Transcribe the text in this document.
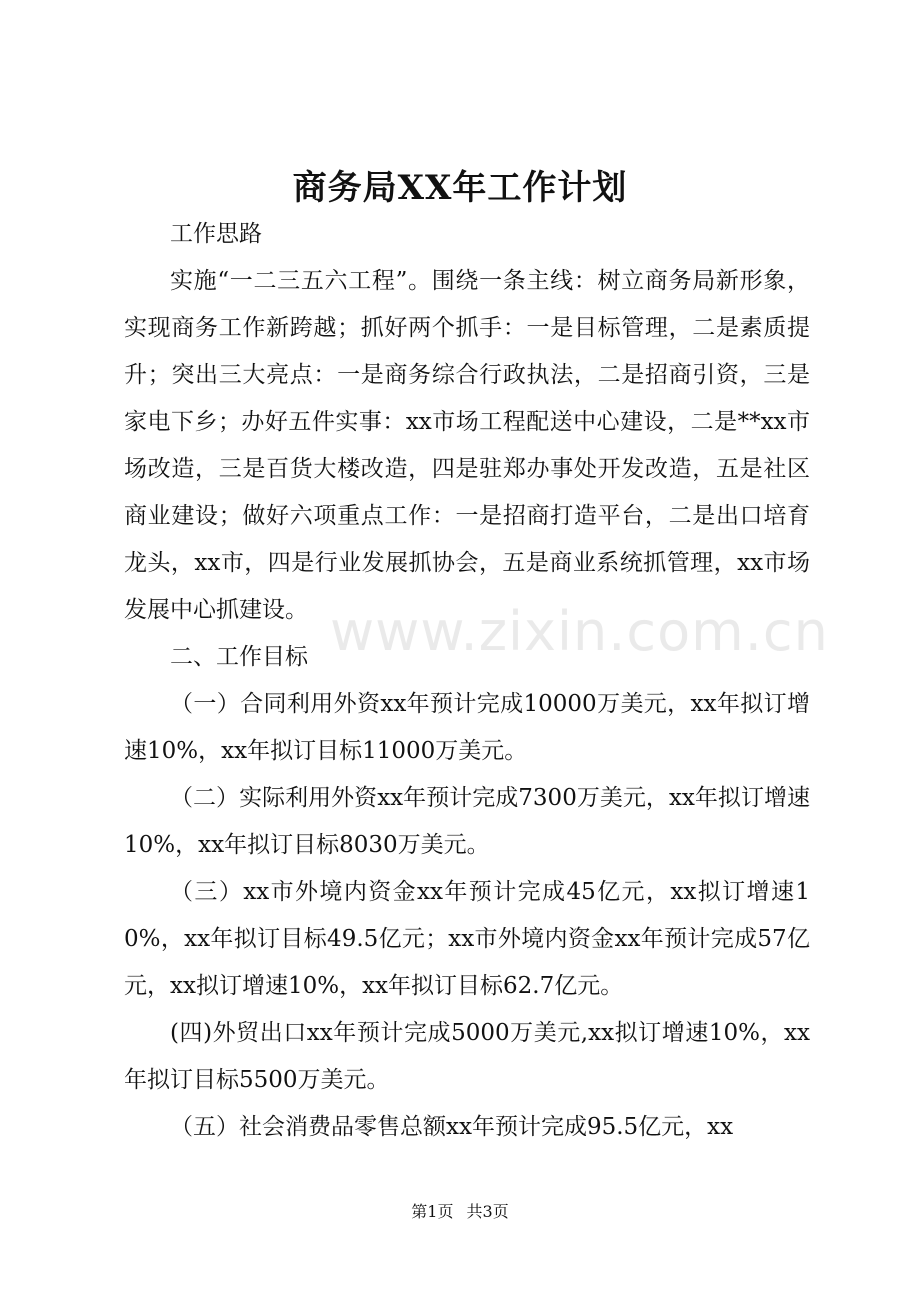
商务局XX年工作计划

工作思路

实施“一二三五六工程”。围绕一条主线：树立商务局新形象，实现商务工作新跨越；抓好两个抓手：一是目标管理，二是素质提升；突出三大亮点：一是商务综合行政执法，二是招商引资，三是家电下乡；办好五件实事：xx市场工程配送中心建设，二是**xx市场改造，三是百货大楼改造，四是驻郑办事处开发改造，五是社区商业建设；做好六项重点工作：一是招商打造平台，二是出口培育龙头，xx市，四是行业发展抓协会，五是商业系统抓管理，xx市场发展中心抓建设。

二、工作目标

（一）合同利用外资xx年预计完成10000万美元，xx年拟订增速10%，xx年拟订目标11000万美元。

（二）实际利用外资xx年预计完成7300万美元，xx年拟订增速10%，xx年拟订目标8030万美元。

（三）xx市外境内资金xx年预计完成45亿元，xx拟订增速10%，xx年拟订目标49.5亿元；xx市外境内资金xx年预计完成57亿元，xx拟订增速10%，xx年拟订目标62.7亿元。

(四)外贸出口xx年预计完成5000万美元,xx拟订增速10%，xx年拟订目标5500万美元。

（五）社会消费品零售总额xx年预计完成95.5亿元，xx

www.zixin.com.cn
第1页 共3页
